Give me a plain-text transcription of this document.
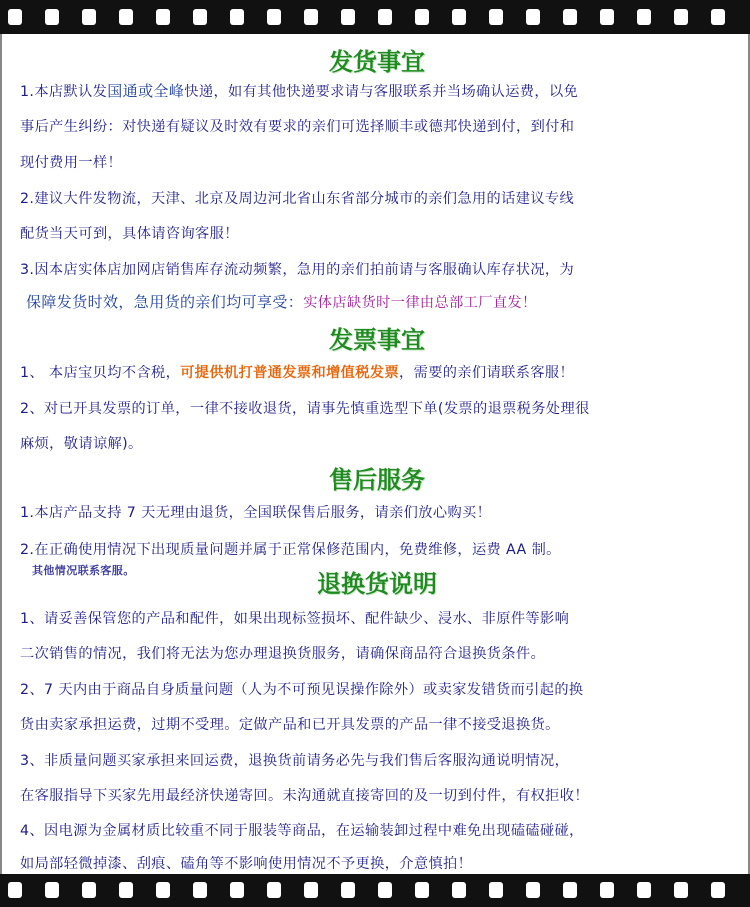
发货事宜
1.本店默认发国通或全峰快递，如有其他快递要求请与客服联系并当场确认运费，以免
事后产生纠纷：对快递有疑议及时效有要求的亲们可选择顺丰或德邦快递到付，到付和
现付费用一样！
2.建议大件发物流，天津、北京及周边河北省山东省部分城市的亲们急用的话建议专线
配货当天可到，具体请咨询客服！
3.因本店实体店加网店销售库存流动频繁，急用的亲们拍前请与客服确认库存状况，为
保障发货时效，急用货的亲们均可享受：实体店缺货时一律由总部工厂直发！
发票事宜
1、 本店宝贝均不含税，可提供机打普通发票和增值税发票，需要的亲们请联系客服！
2、对已开具发票的订单，一律不接收退货，请事先慎重选型下单(发票的退票税务处理很
麻烦，敬请谅解)。
售后服务
1.本店产品支持 7 天无理由退货，全国联保售后服务，请亲们放心购买！
2.在正确使用情况下出现质量问题并属于正常保修范围内，免费维修，运费 AA 制。
其他情况联系客服。	退换货说明
1、请妥善保管您的产品和配件，如果出现标签损坏、配件缺少、浸水、非原件等影响
二次销售的情况，我们将无法为您办理退换货服务，请确保商品符合退换货条件。
2、7 天内由于商品自身质量问题（人为不可预见误操作除外）或卖家发错货而引起的换
货由卖家承担运费，过期不受理。定做产品和已开具发票的产品一律不接受退换货。
3、非质量问题买家承担来回运费，退换货前请务必先与我们售后客服沟通说明情况，
在客服指导下买家先用最经济快递寄回。未沟通就直接寄回的及一切到付件，有权拒收！
4、因电源为金属材质比较重不同于服装等商品，在运输装卸过程中难免出现磕磕碰碰，
如局部轻微掉漆、刮痕、磕角等不影响使用情况不予更换，介意慎拍！
